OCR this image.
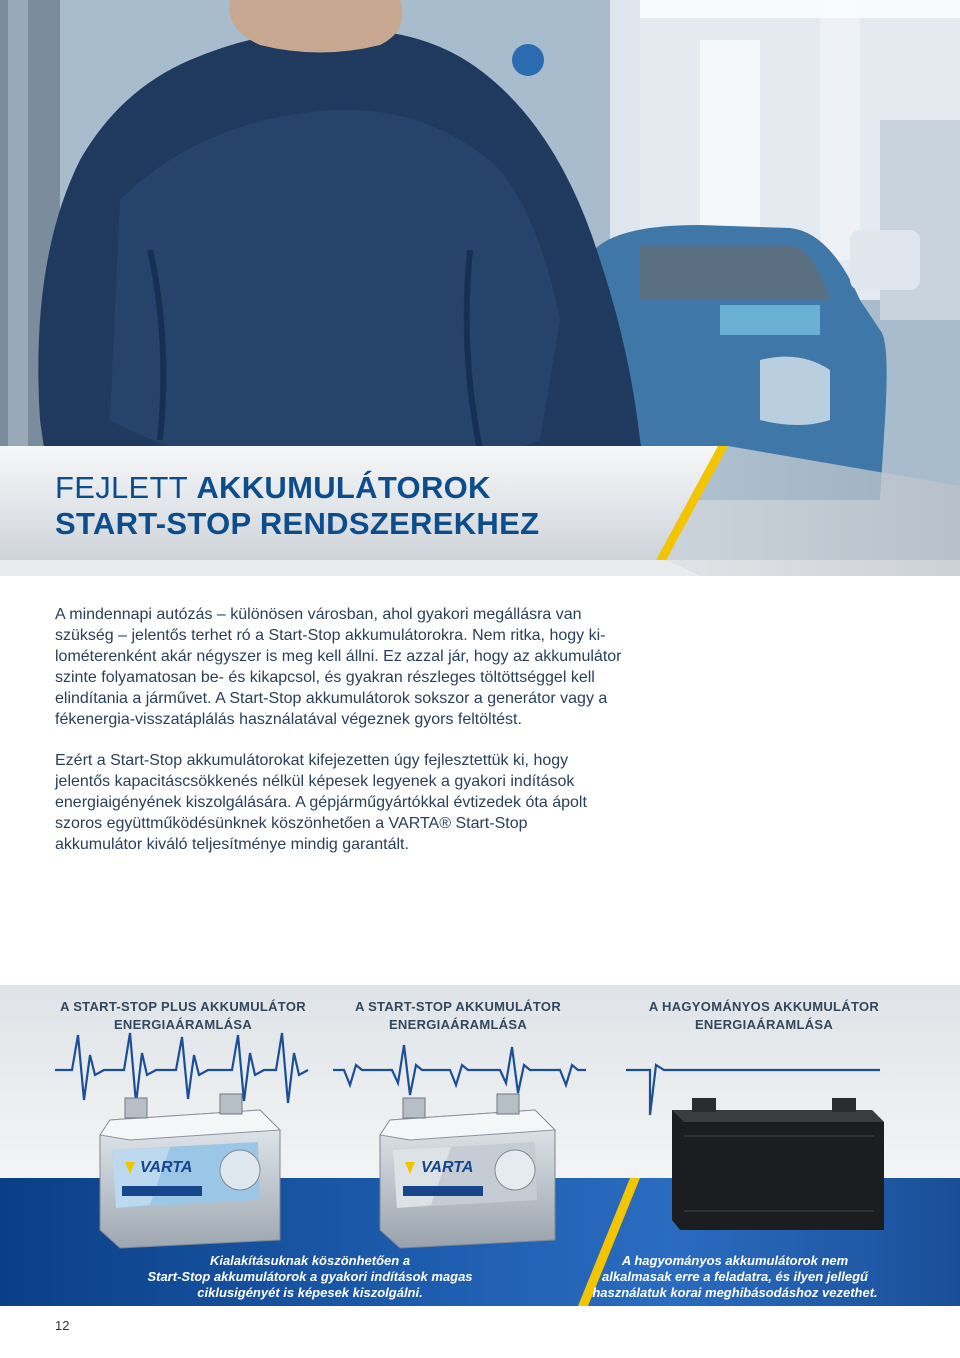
FEJLETT AKKUMULÁTOROK
START-STOP RENDSZEREKHEZ
A mindennapi autózás – különösen városban, ahol gyakori megállásra van
szükség – jelentős terhet ró a Start-Stop akkumulátorokra. Nem ritka, hogy ki-
lométerenként akár négyszer is meg kell állni. Ez azzal jár, hogy az akkumulátor
szinte folyamatosan be- és kikapcsol, és gyakran részleges töltöttséggel kell
elindítania a járművet. A Start-Stop akkumulátorok sokszor a generátor vagy a
fékenergia-visszatáplálás használatával végeznek gyors feltöltést.
Ezért a Start-Stop akkumulátorokat kifejezetten úgy fejlesztettük ki, hogy
jelentős kapacitáscsökkenés nélkül képesek legyenek a gyakori indítások
energiaigényének kiszolgálására. A gépjárműgyártókkal évtizedek óta ápolt
szoros együttműködésünknek köszönhetően a VARTA® Start-Stop
akkumulátor kiváló teljesítménye mindig garantált.
A START-STOP PLUS AKKUMULÁTOR
ENERGIAÁRAMLÁSA
A START-STOP AKKUMULÁTOR
ENERGIAÁRAMLÁSA
A HAGYOMÁNYOS AKKUMULÁTOR
ENERGIAÁRAMLÁSA
VARTA	VARTA
Kialakításuknak köszönhetően a
Start-Stop akkumulátorok a gyakori indítások magas
ciklusigényét is képesek kiszolgálni.
A hagyományos akkumulátorok nem
alkalmasak erre a feladatra, és ilyen jellegű
használatuk korai meghibásodáshoz vezethet.
12
